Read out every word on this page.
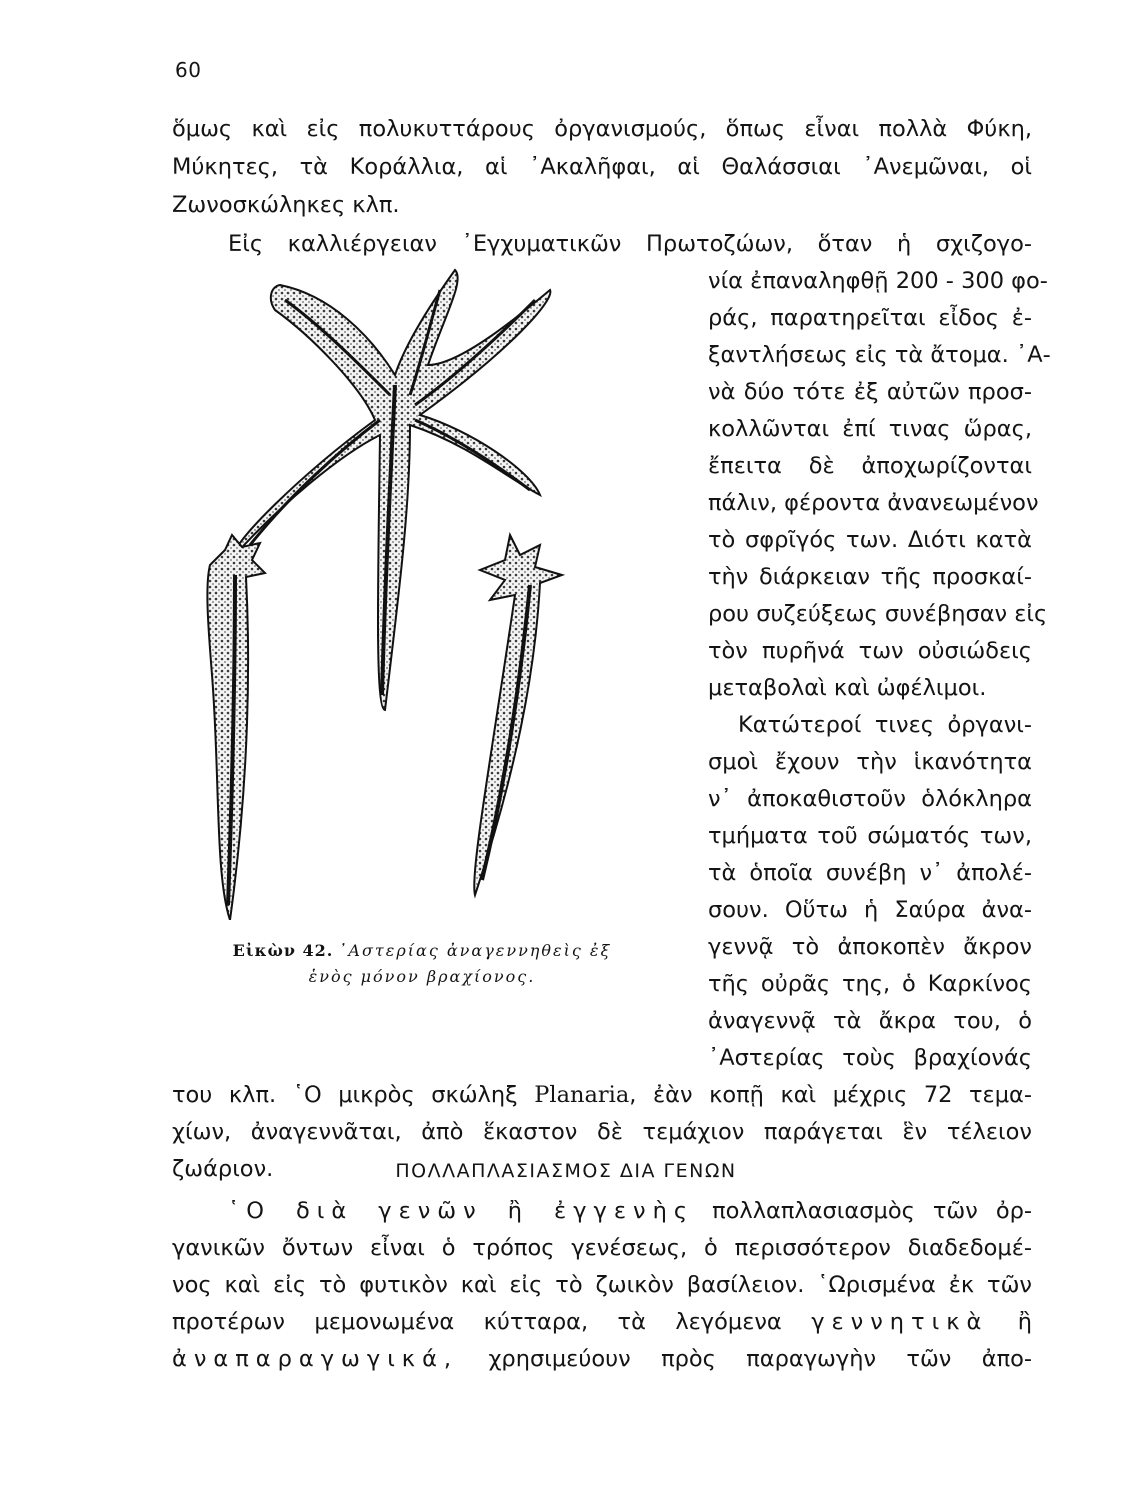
60
ὅμως καὶ εἰς πολυκυττάρους ὀργανισμούς, ὅπως εἶναι πολλὰ Φύκη,
Μύκητες, τὰ Κοράλλια, αἱ ᾿Ακαλῆφαι, αἱ Θαλάσσιαι ᾿Ανεμῶναι, οἱ
Ζωνοσκώληκες κλπ.
Εἰς καλλιέργειαν ᾿Εγχυματικῶν Πρωτοζώων, ὅταν ἡ σχιζογο-
νία ἐπαναληφθῇ 200 - 300 φο-
ράς, παρατηρεῖται εἶδος ἐ-
ξαντλήσεως εἰς τὰ ἄτομα. ᾿Α-
νὰ δύο τότε ἐξ αὐτῶν προσ-
κολλῶνται ἐπί τινας ὥρας,
ἔπειτα δὲ ἀποχωρίζονται
πάλιν, φέροντα ἀνανεωμένον
τὸ σφρῖγός των. Διότι κατὰ
τὴν διάρκειαν τῆς προσκαί-
ρου συζεύξεως συνέβησαν εἰς
τὸν πυρῆνά των οὐσιώδεις
μεταβολαὶ καὶ ὠφέλιμοι.
Κατώτεροί τινες ὀργανι-
σμοὶ ἔχουν τὴν ἱκανότητα
ν᾿ ἀποκαθιστοῦν ὁλόκληρα
τμήματα τοῦ σώματός των,
τὰ ὁποῖα συνέβη ν᾿ ἀπολέ-
σουν. Οὕτω ἡ Σαύρα ἀνα-
γεννᾷ τὸ ἀποκοπὲν ἄκρον
τῆς οὐρᾶς της, ὁ Καρκίνος
ἀναγεννᾷ τὰ ἄκρα του, ὁ
᾿Αστερίας τοὺς βραχίονάς
του κλπ. ῾Ο μικρὸς σκώληξ Planaria, ἐὰν κοπῇ καὶ μέχρις 72 τεμα-
χίων, ἀναγεννᾶται, ἀπὸ ἕκαστον δὲ τεμάχιον παράγεται ἓν τέλειον
ζωάριον.
Εἰκὼν 42. ᾿Αστερίας ἀναγεννηθεὶς ἐξ
ἑνὸς μόνον βραχίονος.
ΠΟΛΛΑΠΛΑΣΙΑΣΜΟΣ ΔΙΑ ΓΕΝΩΝ
῾Ο διὰ γενῶν ἢ ἐγγενὴς πολλαπλασιασμὸς τῶν ὀρ-
γανικῶν ὄντων εἶναι ὁ τρόπος γενέσεως, ὁ περισσότερον διαδεδομέ-
νος καὶ εἰς τὸ φυτικὸν καὶ εἰς τὸ ζωικὸν βασίλειον. ῾Ωρισμένα ἐκ τῶν
προτέρων μεμονωμένα κύτταρα, τὰ λεγόμενα γεννητικὰ ἢ
ἀναπαραγωγικά, χρησιμεύουν πρὸς παραγωγὴν τῶν ἀπο-
